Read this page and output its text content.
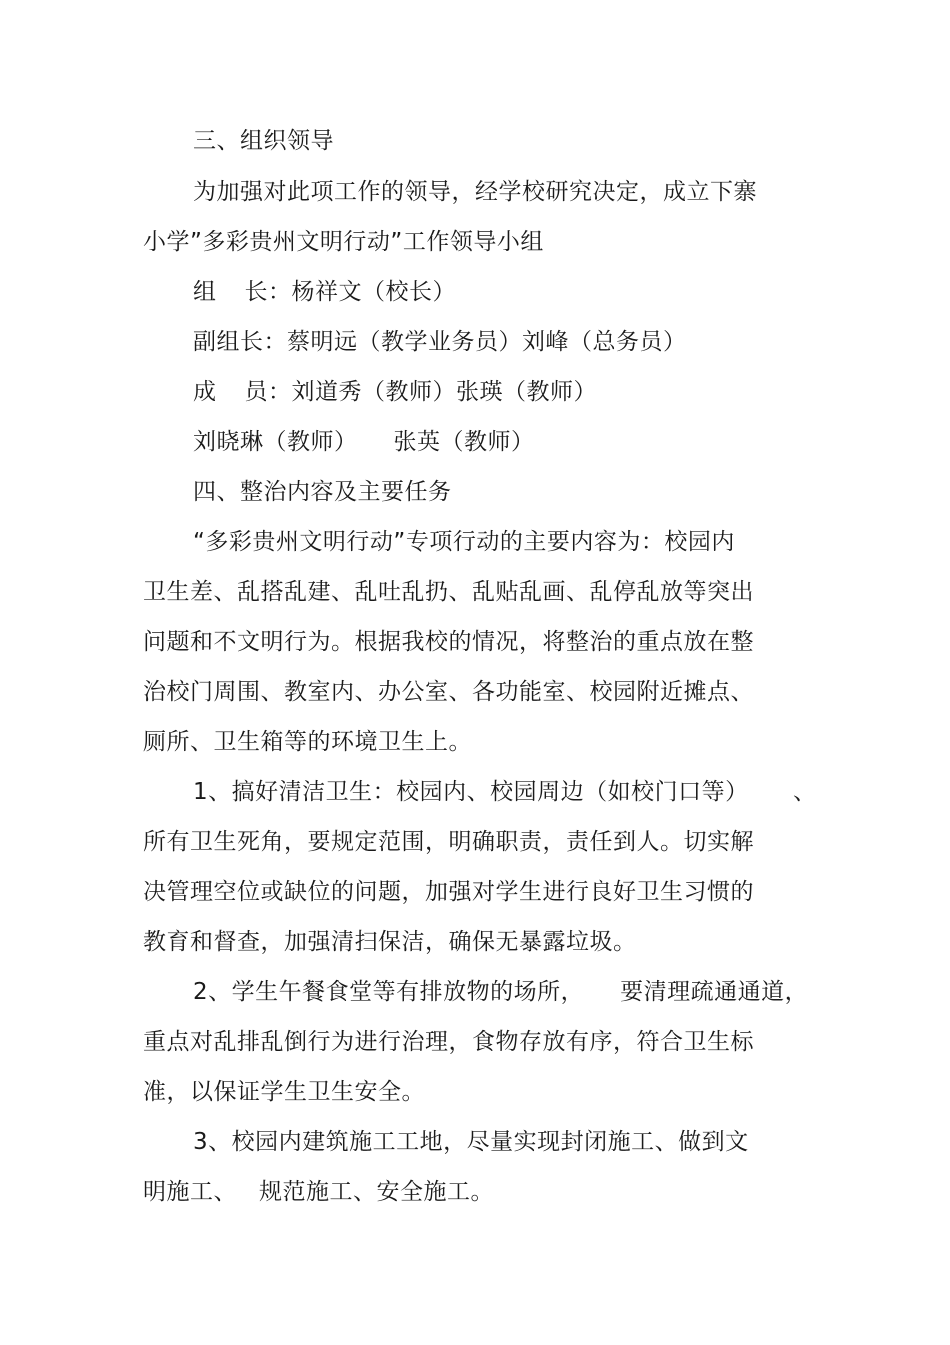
三、组织领导
为加强对此项工作的领导，经学校研究决定，成立下寨
小学”多彩贵州文明行动”工作领导小组
组 长：杨祥文（校长）
副组长：蔡明远（教学业务员）刘峰（总务员）
成 员：刘道秀（教师）张瑛（教师）
刘晓琳（教师） 张英（教师）
四、整治内容及主要任务
“多彩贵州文明行动”专项行动的主要内容为：校园内
卫生差、乱搭乱建、乱吐乱扔、乱贴乱画、乱停乱放等突出
问题和不文明行为。根据我校的情况，将整治的重点放在整
治校门周围、教室内、办公室、各功能室、校园附近摊点、
厕所、卫生箱等的环境卫生上。
1、搞好清洁卫生：校园内、校园周边（如校门口等） 、
所有卫生死角，要规定范围，明确职责，责任到人。切实解
决管理空位或缺位的问题，加强对学生进行良好卫生习惯的
教育和督查，加强清扫保洁，确保无暴露垃圾。
2、学生午餐食堂等有排放物的场所， 要清理疏通通道，
重点对乱排乱倒行为进行治理，食物存放有序，符合卫生标
准，以保证学生卫生安全。
3、校园内建筑施工工地，尽量实现封闭施工、做到文
明施工、 规范施工、安全施工。
